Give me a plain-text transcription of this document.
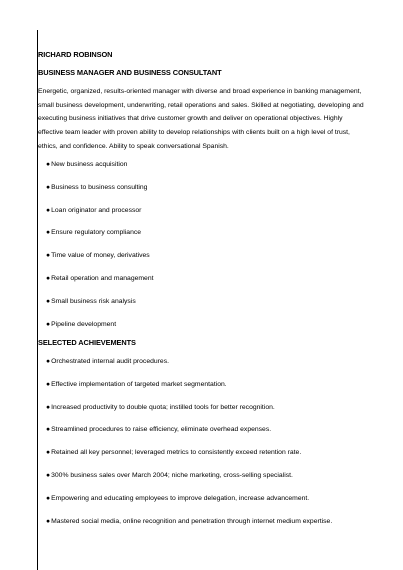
RICHARD ROBINSON
BUSINESS MANAGER AND BUSINESS CONSULTANT
Energetic, organized, results-oriented manager with diverse and broad experience in banking management,
small business development, underwriting, retail operations and sales. Skilled at negotiating, developing and
executing business initiatives that drive customer growth and deliver on operational objectives. Highly
effective team leader with proven ability to develop relationships with clients built on a high level of trust,
ethics, and confidence. Ability to speak conversational Spanish.
●New business acquisition
●Business to business consulting
●Loan originator and processor
●Ensure regulatory compliance
●Time value of money, derivatives
●Retail operation and management
●Small business risk analysis
●Pipeline development
SELECTED ACHIEVEMENTS
●Orchestrated internal audit procedures.
●Effective implementation of targeted market segmentation.
●Increased productivity to double quota; instilled tools for better recognition.
●Streamlined procedures to raise efficiency, eliminate overhead expenses.
●Retained all key personnel; leveraged metrics to consistently exceed retention rate.
●300% business sales over March 2004; niche marketing, cross-selling specialist.
●Empowering and educating employees to improve delegation, increase advancement.
●Mastered social media, online recognition and penetration through internet medium expertise.
